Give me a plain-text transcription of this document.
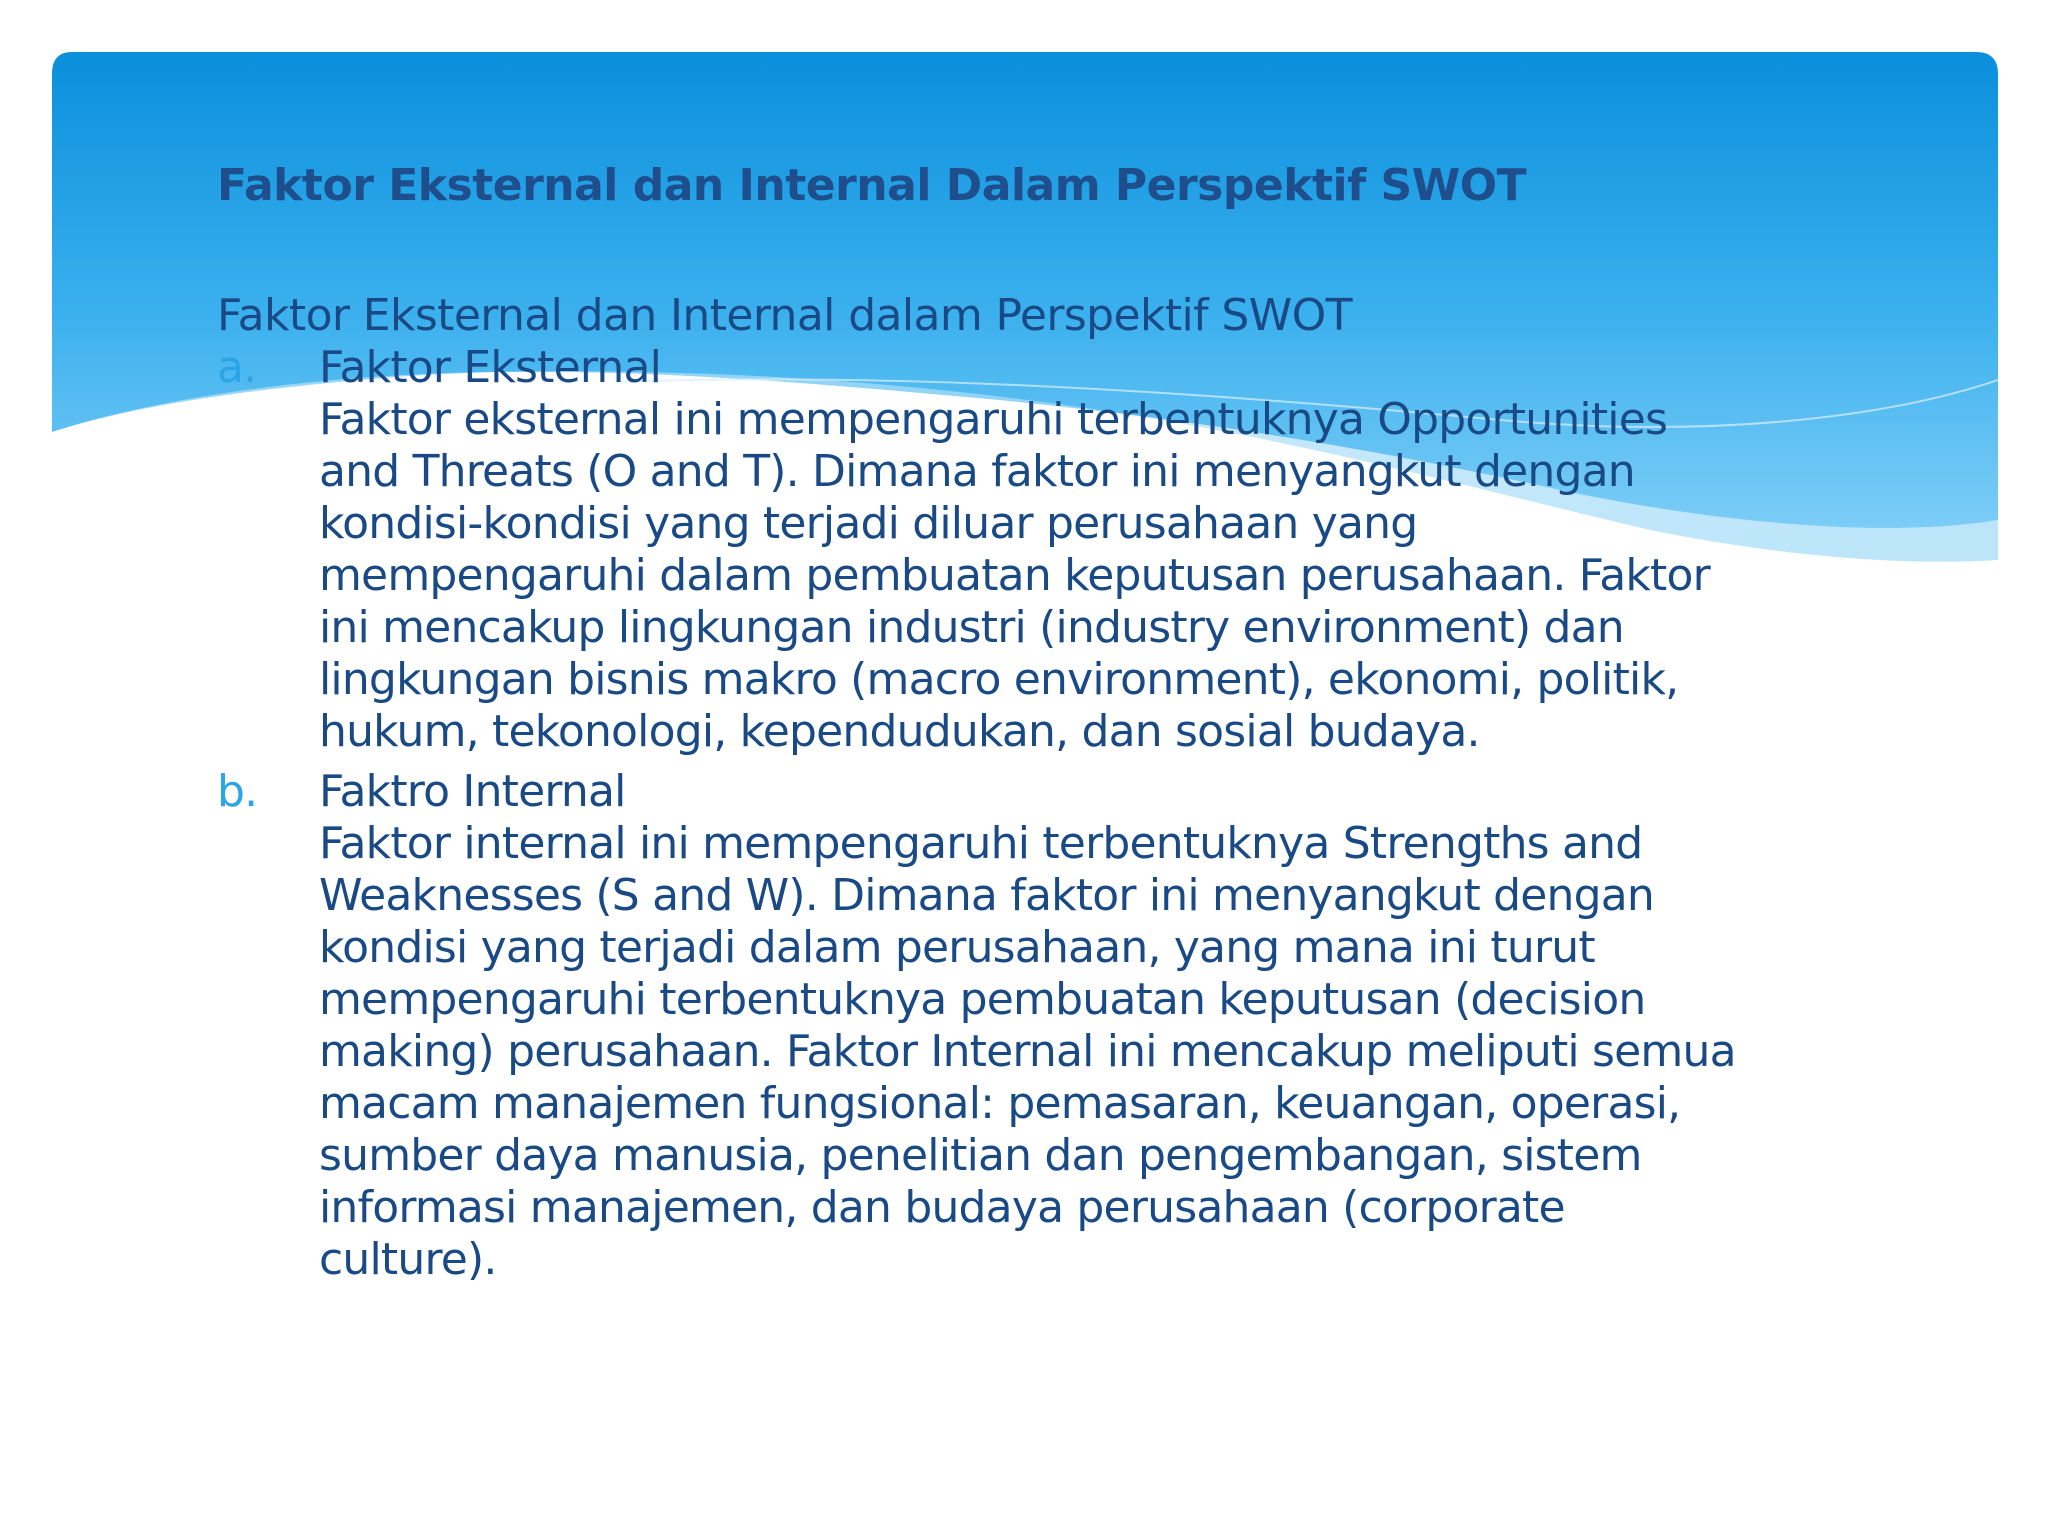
Faktor Eksternal dan Internal Dalam Perspektif SWOT
Faktor Eksternal dan Internal dalam Perspektif SWOT
a.	Faktor Eksternal
Faktor eksternal ini mempengaruhi terbentuknya Opportunities
and Threats (O and T). Dimana faktor ini menyangkut dengan
kondisi-kondisi yang terjadi diluar perusahaan yang
mempengaruhi dalam pembuatan keputusan perusahaan. Faktor
ini mencakup lingkungan industri (industry environment) dan
lingkungan bisnis makro (macro environment), ekonomi, politik,
hukum, tekonologi, kependudukan, dan sosial budaya.
b.	Faktro Internal
Faktor internal ini mempengaruhi terbentuknya Strengths and
Weaknesses (S and W). Dimana faktor ini menyangkut dengan
kondisi yang terjadi dalam perusahaan, yang mana ini turut
mempengaruhi terbentuknya pembuatan keputusan (decision
making) perusahaan. Faktor Internal ini mencakup meliputi semua
macam manajemen fungsional: pemasaran, keuangan, operasi,
sumber daya manusia, penelitian dan pengembangan, sistem
informasi manajemen, dan budaya perusahaan (corporate
culture).
